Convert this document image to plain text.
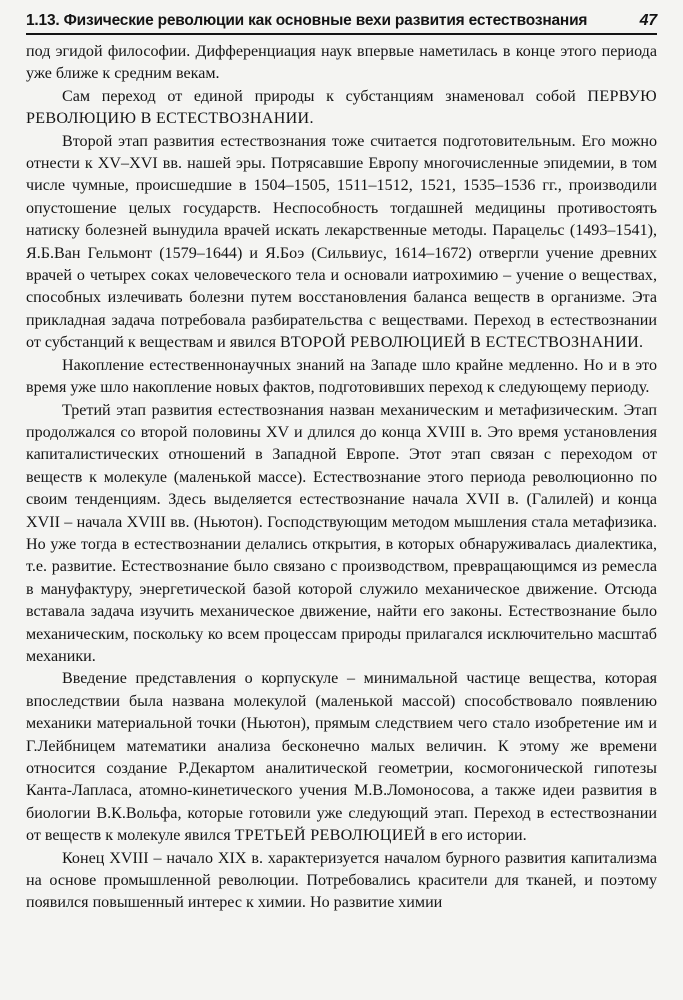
1.13. Физические революции как основные вехи развития естествознания	47

под эгидой философии. Дифференциация наук впервые наметилась в конце этого периода уже ближе к средним векам.

Сам переход от единой природы к субстанциям знаменовал собой ПЕРВУЮ РЕВОЛЮЦИЮ В ЕСТЕСТВОЗНАНИИ.

Второй этап развития естествознания тоже считается подготовительным. Его можно отнести к XV–XVI вв. нашей эры. Потрясавшие Европу многочисленные эпидемии, в том числе чумные, происшедшие в 1504–1505, 1511–1512, 1521, 1535–1536 гг., производили опустошение целых государств. Неспособность тогдашней медицины противостоять натиску болезней вынудила врачей искать лекарственные методы. Парацельс (1493–1541), Я.Б.Ван Гельмонт (1579–1644) и Я.Боэ (Сильвиус, 1614–1672) отвергли учение древних врачей о четырех соках человеческого тела и основали иатрохимию – учение о веществах, способных излечивать болезни путем восстановления баланса веществ в организме. Эта прикладная задача потребовала разбирательства с веществами. Переход в естествознании от субстанций к веществам и явился ВТОРОЙ РЕВОЛЮЦИЕЙ В ЕСТЕСТВОЗНАНИИ.

Накопление естественнонаучных знаний на Западе шло крайне медленно. Но и в это время уже шло накопление новых фактов, подготовивших переход к следующему периоду.

Третий этап развития естествознания назван механическим и метафизическим. Этап продолжался со второй половины XV и длился до конца XVIII в. Это время установления капиталистических отношений в Западной Европе. Этот этап связан с переходом от веществ к молекуле (маленькой массе). Естествознание этого периода революционно по своим тенденциям. Здесь выделяется естествознание начала XVII в. (Галилей) и конца XVII – начала XVIII вв. (Ньютон). Господствующим методом мышления стала метафизика. Но уже тогда в естествознании делались открытия, в которых обнаруживалась диалектика, т.е. развитие. Естествознание было связано с производством, превращающимся из ремесла в мануфактуру, энергетической базой которой служило механическое движение. Отсюда вставала задача изучить механическое движение, найти его законы. Естествознание было механическим, поскольку ко всем процессам природы прилагался исключительно масштаб механики.

Введение представления о корпускуле – минимальной частице вещества, которая впоследствии была названа молекулой (маленькой массой) способствовало появлению механики материальной точки (Ньютон), прямым следствием чего стало изобретение им и Г.Лейбницем математики анализа бесконечно малых величин. К этому же времени относится создание Р.Декартом аналитической геометрии, космогонической гипотезы Канта-Лапласа, атомно-кинетического учения М.В.Ломоносова, а также идеи развития в биологии В.К.Вольфа, которые готовили уже следующий этап. Переход в естествознании от веществ к молекуле явился ТРЕТЬЕЙ РЕВОЛЮЦИЕЙ в его истории.

Конец XVIII – начало XIX в. характеризуется началом бурного развития капитализма на основе промышленной революции. Потребовались красители для тканей, и поэтому появился повышенный интерес к химии. Но развитие химии
